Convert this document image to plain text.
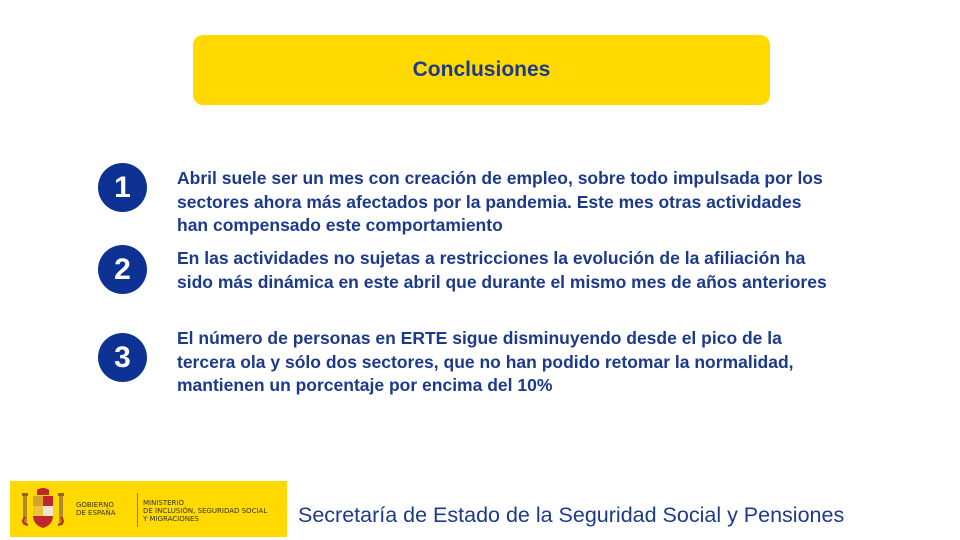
Conclusiones
1	Abril suele ser un mes con creación de empleo, sobre todo impulsada por los sectores ahora más afectados por la pandemia. Este mes otras actividades han compensado este comportamiento
2	En las actividades no sujetas a restricciones la evolución de la afiliación ha sido más dinámica en este abril que durante el mismo mes de años anteriores
3
El número de personas en ERTE sigue disminuyendo desde el pico de la tercera ola y sólo dos sectores, que no han podido retomar la normalidad, mantienen un porcentaje por encima del 10%
GOBIERNO
DE ESPAÑA
MINISTERIO
DE INCLUSIÓN, SEGURIDAD SOCIAL
Y MIGRACIONES	Secretaría de Estado de la Seguridad Social y Pensiones
